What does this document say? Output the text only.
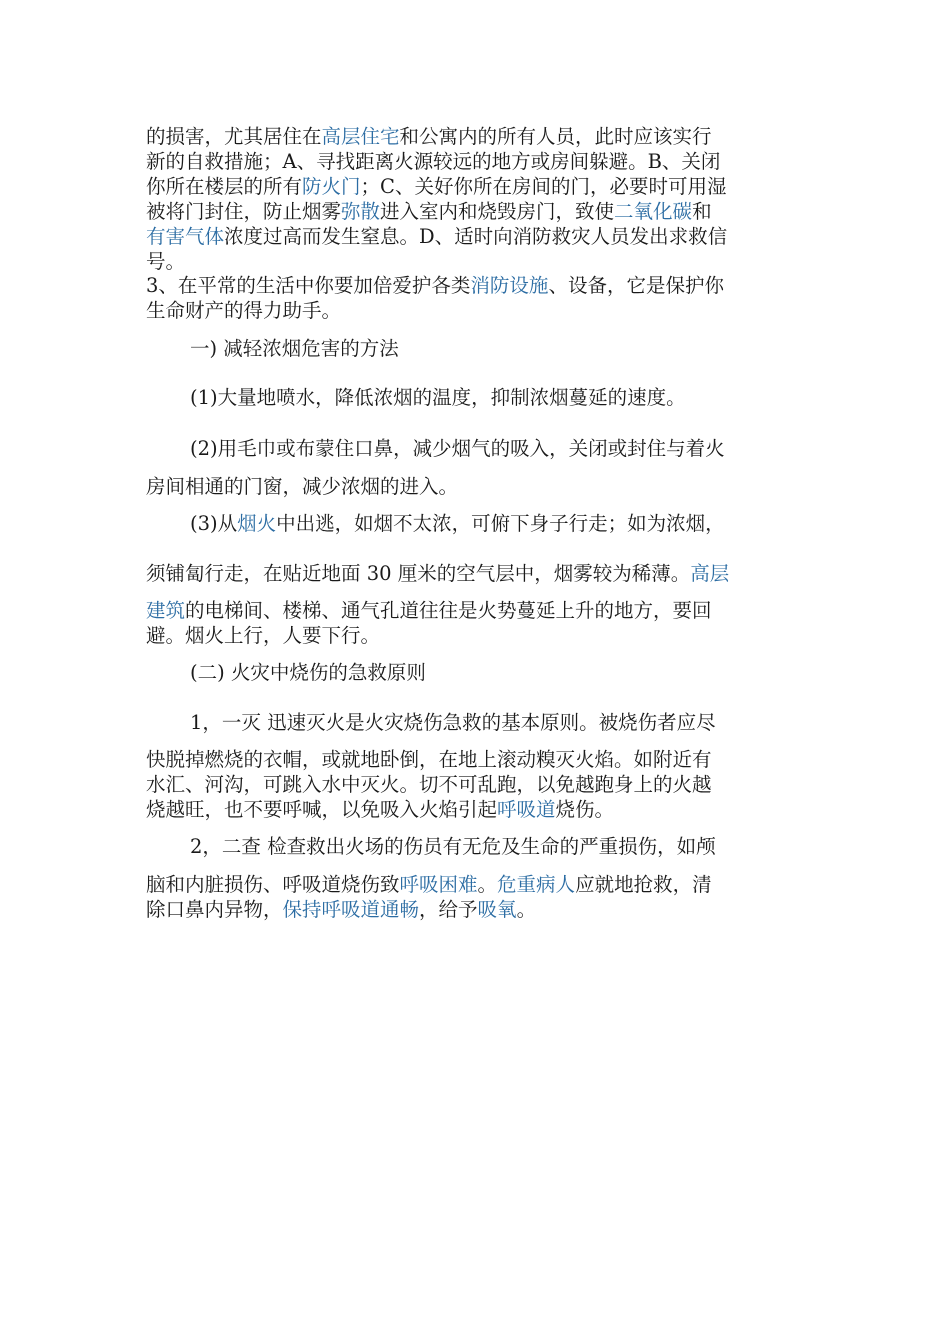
的损害，尤其居住在高层住宅和公寓内的所有人员，此时应该实行
新的自救措施；A、寻找距离火源较远的地方或房间躲避。B、关闭
你所在楼层的所有防火门；C、关好你所在房间的门，必要时可用湿
被将门封住，防止烟雾弥散进入室内和烧毁房门，致使二氧化碳和
有害气体浓度过高而发生窒息。D、适时向消防救灾人员发出求救信
号。
3、在平常的生活中你要加倍爱护各类消防设施、设备，它是保护你
生命财产的得力助手。
一) 减轻浓烟危害的方法
(1)大量地喷水，降低浓烟的温度，抑制浓烟蔓延的速度。
(2)用毛巾或布蒙住口鼻，减少烟气的吸入，关闭或封住与着火
房间相通的门窗，减少浓烟的进入。
(3)从烟火中出逃，如烟不太浓，可俯下身子行走；如为浓烟，
须铺匐行走，在贴近地面 30 厘米的空气层中，烟雾较为稀薄。高层
建筑的电梯间、楼梯、通气孔道往往是火势蔓延上升的地方，要回
避。烟火上行，人要下行。
(二) 火灾中烧伤的急救原则
1，一灭 迅速灭火是火灾烧伤急救的基本原则。被烧伤者应尽
快脱掉燃烧的衣帽，或就地卧倒，在地上滚动糗灭火焰。如附近有
水汇、河沟，可跳入水中灭火。切不可乱跑，以免越跑身上的火越
烧越旺，也不要呼喊，以免吸入火焰引起呼吸道烧伤。
2，二查 检查救出火场的伤员有无危及生命的严重损伤，如颅
脑和内脏损伤、呼吸道烧伤致呼吸困难。危重病人应就地抢救，清
除口鼻内异物，保持呼吸道通畅，给予吸氧。
